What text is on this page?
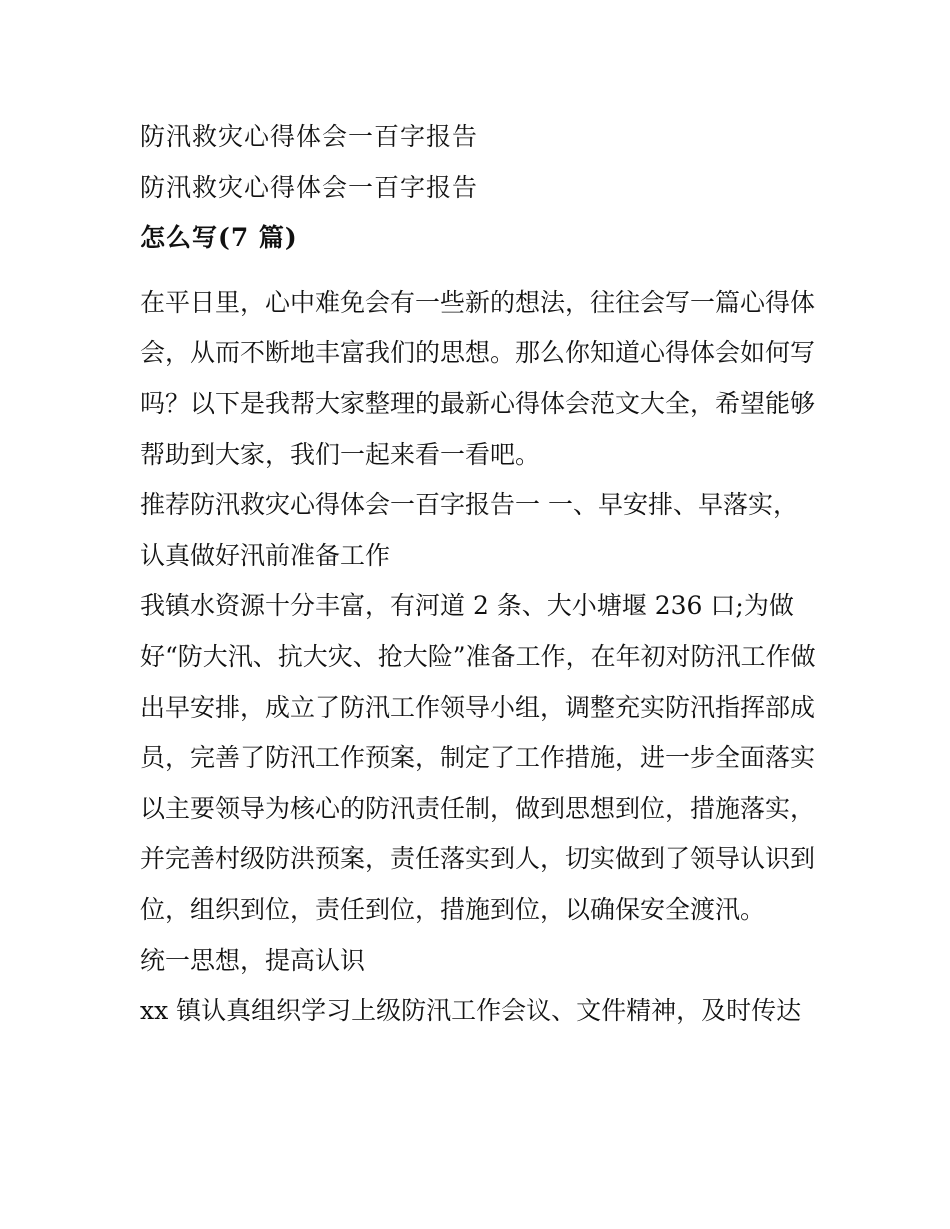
防汛救灾心得体会一百字报告
防汛救灾心得体会一百字报告
怎么写(7 篇)
在平日里，心中难免会有一些新的想法，往往会写一篇心得体
会，从而不断地丰富我们的思想。那么你知道心得体会如何写
吗？以下是我帮大家整理的最新心得体会范文大全，希望能够
帮助到大家，我们一起来看一看吧。
推荐防汛救灾心得体会一百字报告一 一、早安排、早落实，
认真做好汛前准备工作
我镇水资源十分丰富，有河道 2 条、大小塘堰 236 口;为做
好“防大汛、抗大灾、抢大险”准备工作，在年初对防汛工作做
出早安排，成立了防汛工作领导小组，调整充实防汛指挥部成
员，完善了防汛工作预案，制定了工作措施，进一步全面落实
以主要领导为核心的防汛责任制，做到思想到位，措施落实，
并完善村级防洪预案，责任落实到人，切实做到了领导认识到
位，组织到位，责任到位，措施到位，以确保安全渡汛。
统一思想，提高认识
xx 镇认真组织学习上级防汛工作会议、文件精神，及时传达
